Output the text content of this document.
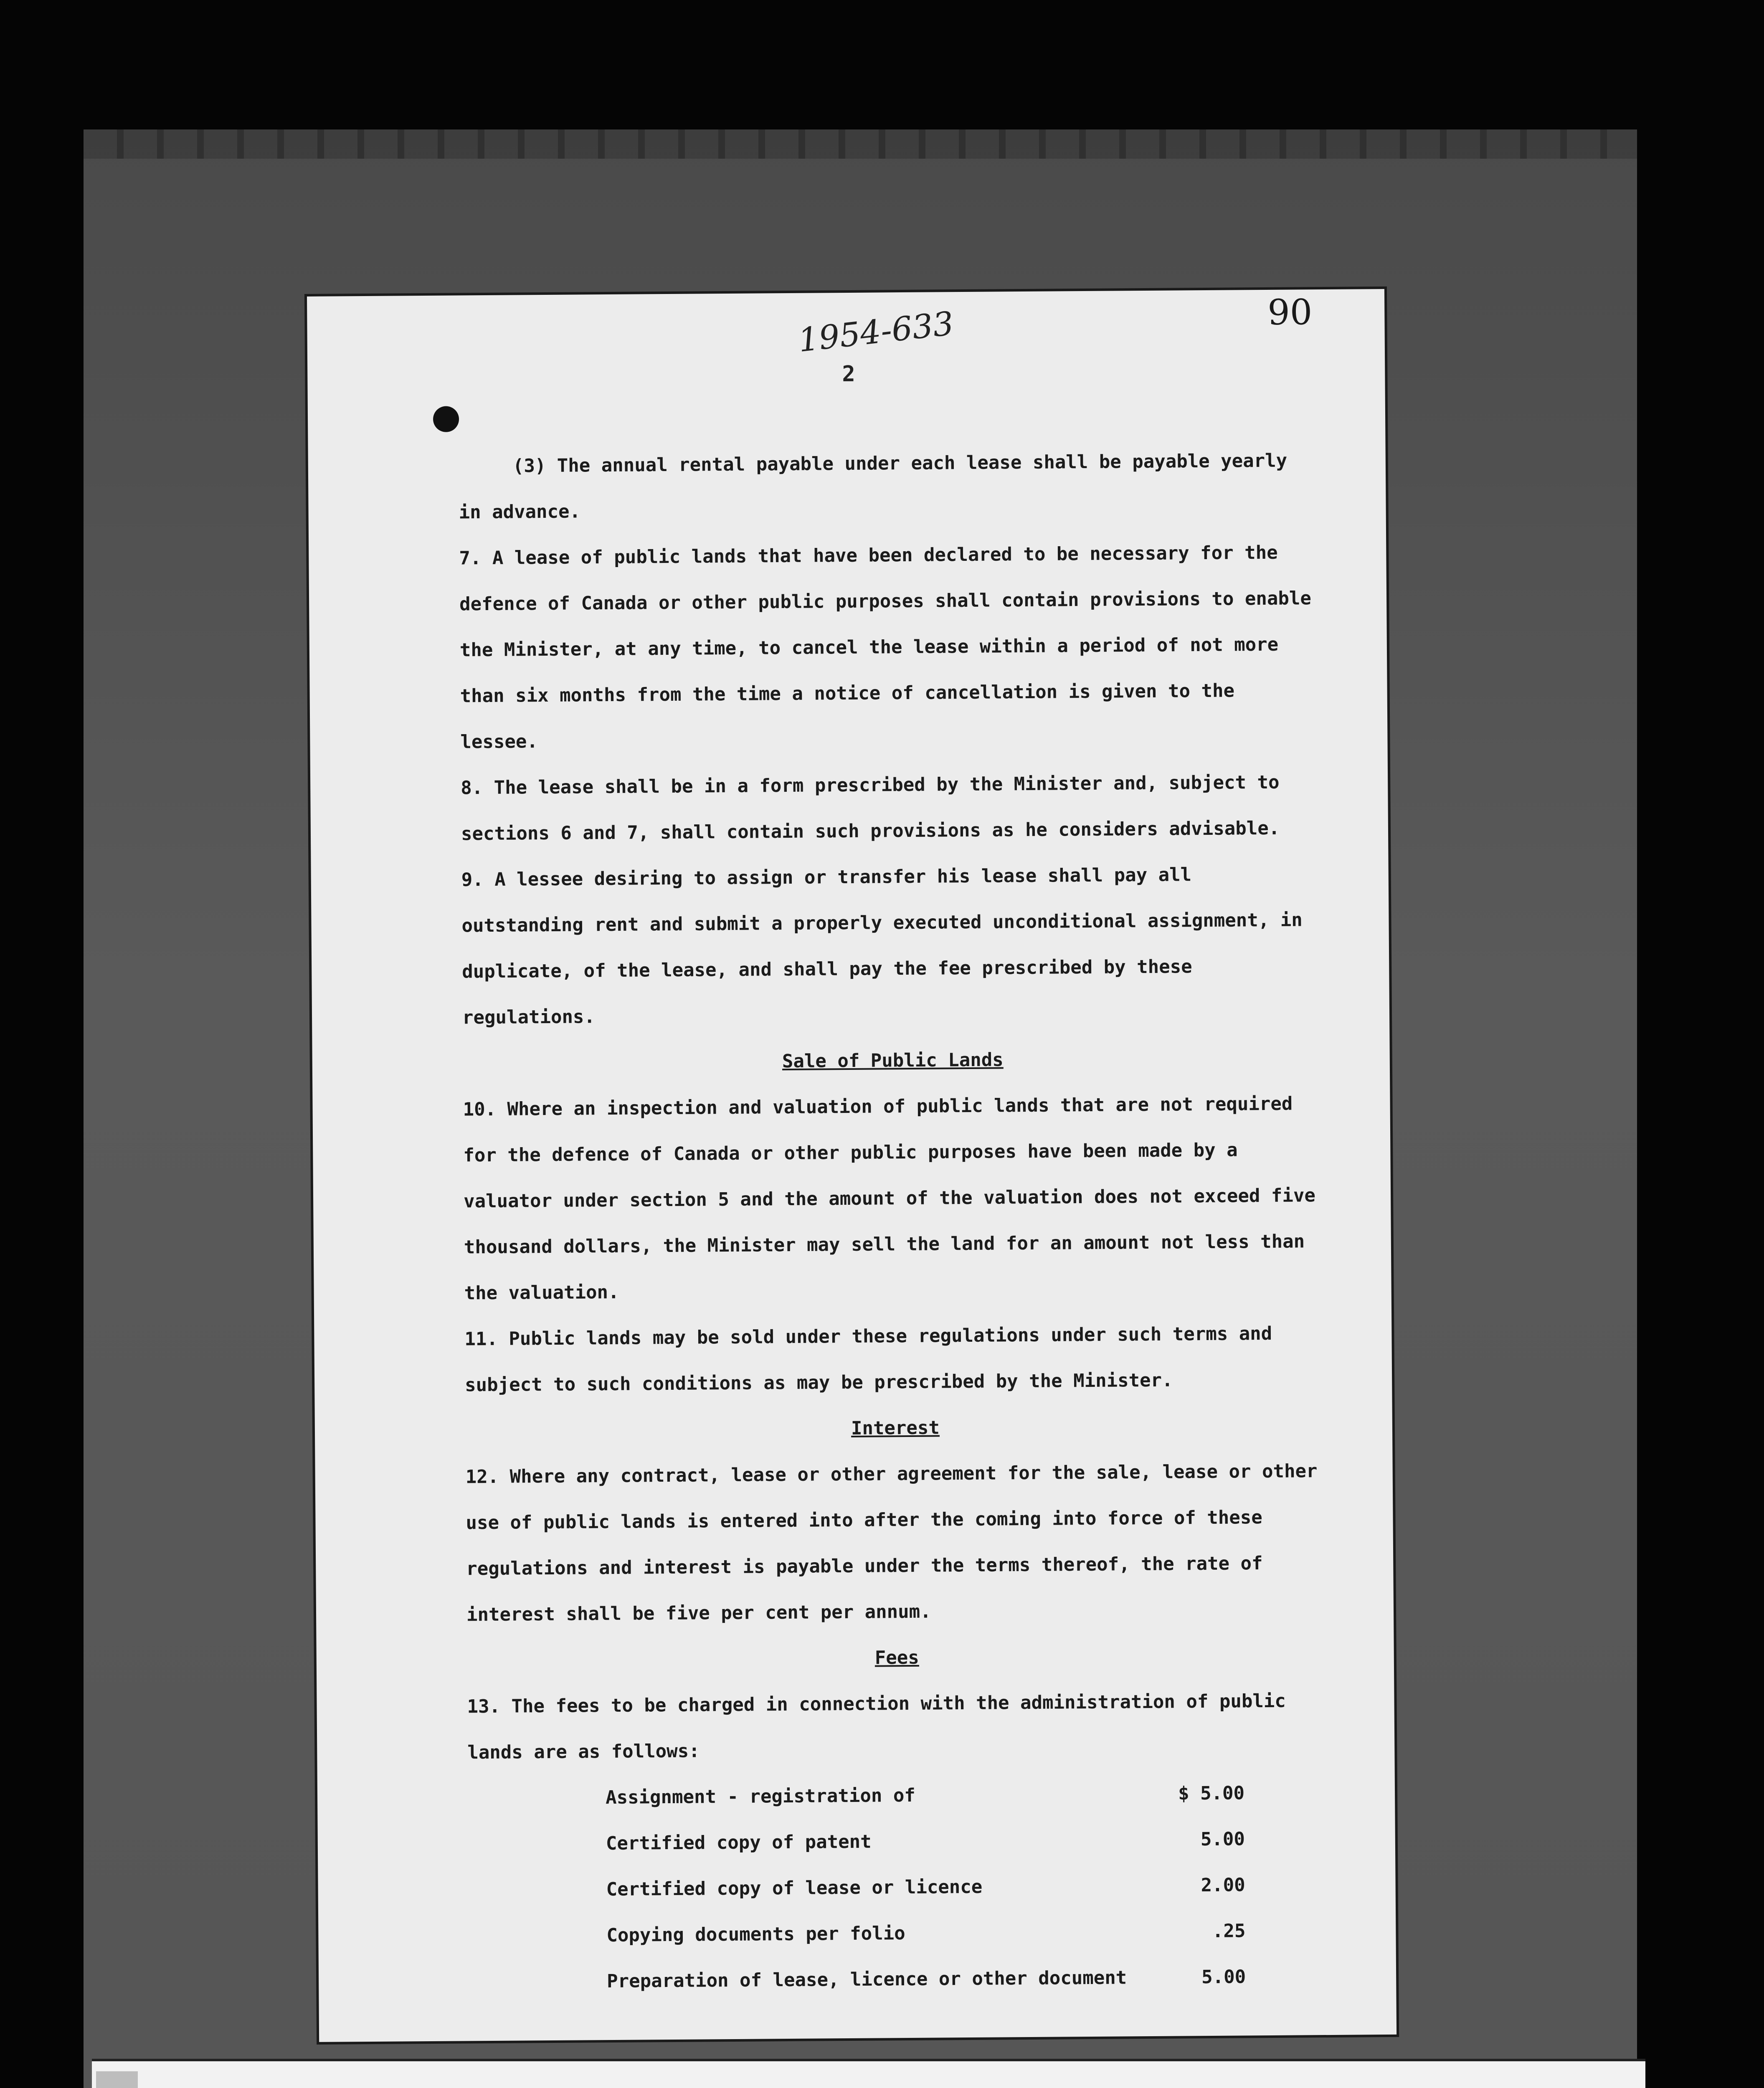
1954-633	90
2

(3) The annual rental payable under each lease shall be payable yearly in advance.

7. A lease of public lands that have been declared to be necessary for the defence of Canada or other public purposes shall contain provisions to enable the Minister, at any time, to cancel the lease within a period of not more than six months from the time a notice of cancellation is given to the lessee.

8. The lease shall be in a form prescribed by the Minister and, subject to sections 6 and 7, shall contain such provisions as he considers advisable.

9. A lessee desiring to assign or transfer his lease shall pay all outstanding rent and submit a properly executed unconditional assignment, in duplicate, of the lease, and shall pay the fee prescribed by these regulations.

Sale of Public Lands

10. Where an inspection and valuation of public lands that are not required for the defence of Canada or other public purposes have been made by a valuator under section 5 and the amount of the valuation does not exceed five thousand dollars, the Minister may sell the land for an amount not less than the valuation.

11. Public lands may be sold under these regulations under such terms and subject to such conditions as may be prescribed by the Minister.

Interest

12. Where any contract, lease or other agreement for the sale, lease or other use of public lands is entered into after the coming into force of these regulations and interest is payable under the terms thereof, the rate of interest shall be five per cent per annum.

Fees

13. The fees to be charged in connection with the administration of public lands are as follows:

Assignment - registration of	$ 5.00
Certified copy of patent	5.00
Certified copy of lease or licence	2.00
Copying documents per folio	.25
Preparation of lease, licence or other document	5.00
